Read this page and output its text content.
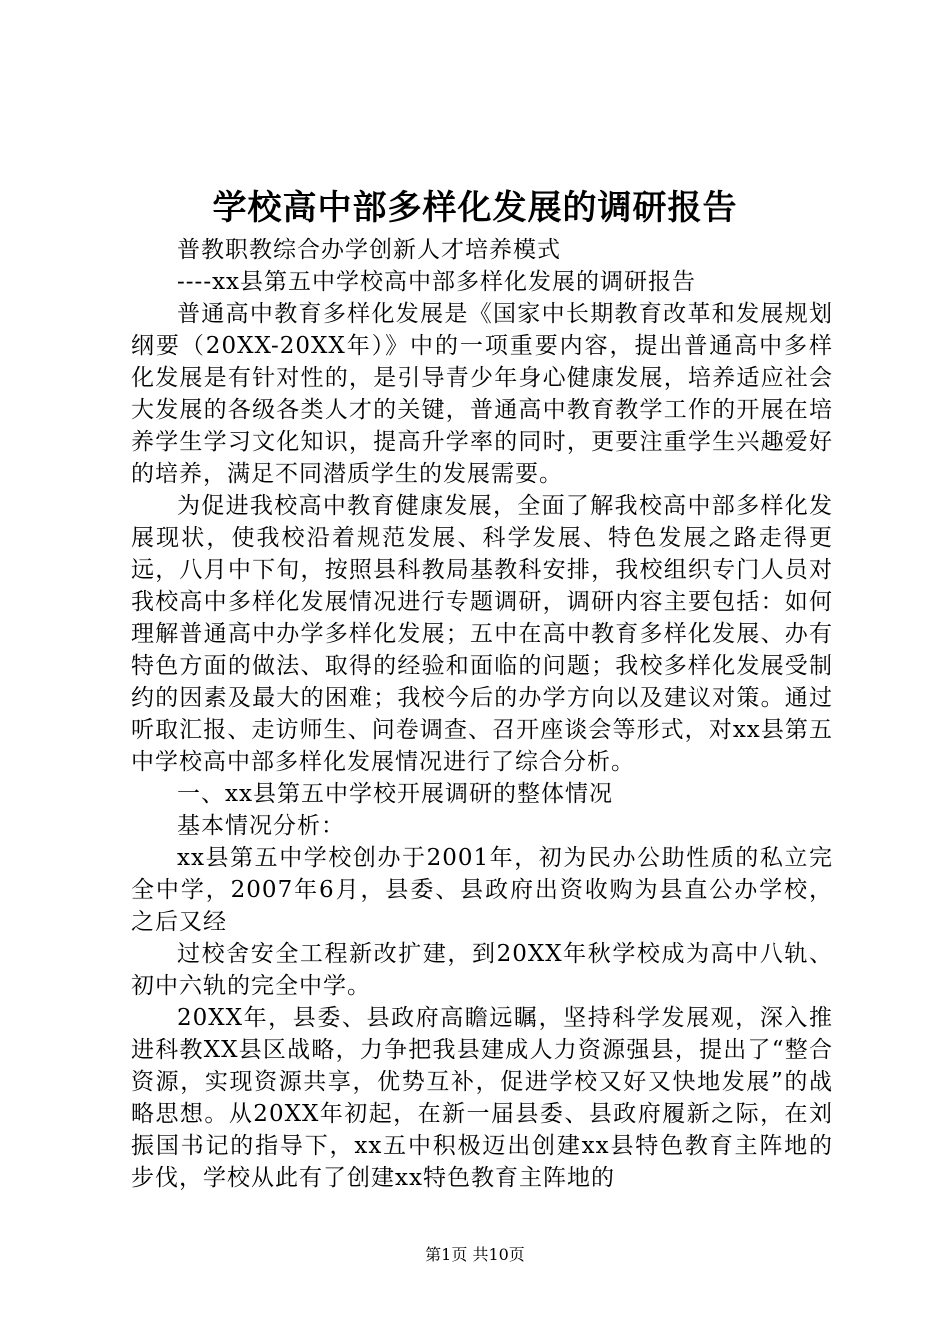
学校高中部多样化发展的调研报告

普教职教综合办学创新人才培养模式

----xx县第五中学校高中部多样化发展的调研报告

普通高中教育多样化发展是《国家中长期教育改革和发展规划纲要（20XX-20XX年）》中的一项重要内容，提出普通高中多样化发展是有针对性的，是引导青少年身心健康发展，培养适应社会大发展的各级各类人才的关键，普通高中教育教学工作的开展在培养学生学习文化知识，提高升学率的同时，更要注重学生兴趣爱好的培养，满足不同潜质学生的发展需要。

为促进我校高中教育健康发展，全面了解我校高中部多样化发展现状，使我校沿着规范发展、科学发展、特色发展之路走得更远，八月中下旬，按照县科教局基教科安排，我校组织专门人员对我校高中多样化发展情况进行专题调研，调研内容主要包括：如何理解普通高中办学多样化发展；五中在高中教育多样化发展、办有特色方面的做法、取得的经验和面临的问题；我校多样化发展受制约的因素及最大的困难；我校今后的办学方向以及建议对策。通过听取汇报、走访师生、问卷调查、召开座谈会等形式，对xx县第五中学校高中部多样化发展情况进行了综合分析。

一、xx县第五中学校开展调研的整体情况

基本情况分析：

xx县第五中学校创办于2001年，初为民办公助性质的私立完全中学，2007年6月，县委、县政府出资收购为县直公办学校，之后又经

过校舍安全工程新改扩建，到20XX年秋学校成为高中八轨、初中六轨的完全中学。

20XX年，县委、县政府高瞻远瞩，坚持科学发展观，深入推进科教XX县区战略，力争把我县建成人力资源强县，提出了“整合资源，实现资源共享，优势互补，促进学校又好又快地发展”的战略思想。从20XX年初起，在新一届县委、县政府履新之际，在刘振国书记的指导下，xx五中积极迈出创建xx县特色教育主阵地的步伐，学校从此有了创建xx特色教育主阵地的

第1页 共10页
